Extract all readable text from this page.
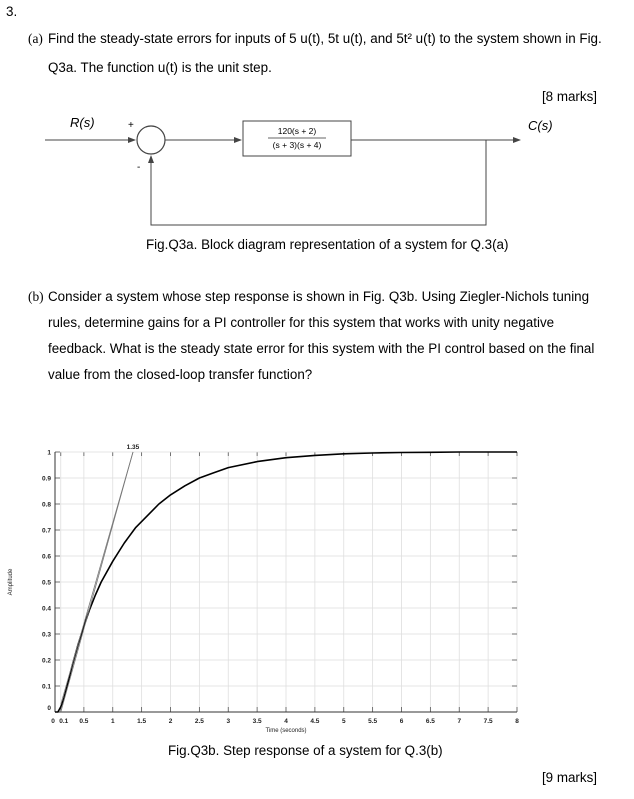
3.
(a) Find the steady-state errors for inputs of 5 u(t), 5t u(t), and 5t² u(t) to the system shown in Fig.
Q3a. The function u(t) is the unit step.
[8 marks]
R(s)	C(s)
+
-
120(s + 2)
(s + 3)(s + 4)
Fig.Q3a. Block diagram representation of a system for Q.3(a)
(b) Consider a system whose step response is shown in Fig. Q3b. Using Ziegler-Nichols tuning
rules, determine gains for a PI controller for this system that works with unity negative
feedback. What is the steady state error for this system with the PI control based on the final
value from the closed-loop transfer function?
0.1 0.5	1	1.5	2	2.5	3	3.5	4	4.5	5	5.5	6	6.5	7	7.5	8
0.1
0.2
0.3
0.4
0.5
0.6
0.7
0.8
0.9
1
0
0
Time (seconds)
Amplitude
1.35
Fig.Q3b. Step response of a system for Q.3(b)
[9 marks]
